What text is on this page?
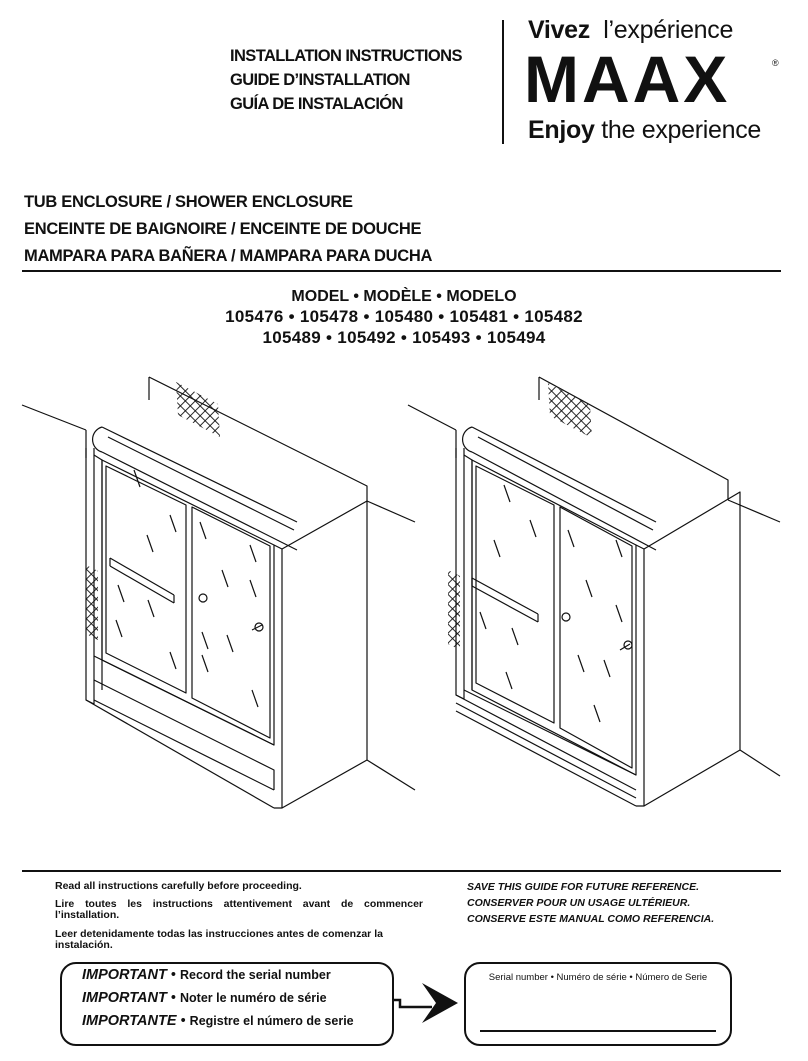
INSTALLATION INSTRUCTIONS
GUIDE D’INSTALLATION
GUÍA DE INSTALACIÓN
Vivez l’expérience
MAAX	®
Enjoy the experience
TUB ENCLOSURE / SHOWER ENCLOSURE
ENCEINTE DE BAIGNOIRE / ENCEINTE DE DOUCHE
MAMPARA PARA BAÑERA / MAMPARA PARA DUCHA
MODEL • MODÈLE • MODELO
105476 • 105478 • 105480 • 105481 • 105482
105489 • 105492 • 105493 • 105494
Read all instructions carefully before proceeding.
Lire toutes les instructions attentivement avant de commencer l’installation.
Leer detenidamente todas las instrucciones antes de comenzar la instalación.
SAVE THIS GUIDE FOR FUTURE REFERENCE.
CONSERVER POUR UN USAGE ULTÉRIEUR.
CONSERVE ESTE MANUAL COMO REFERENCIA.
IMPORTANT • Record the serial number
IMPORTANT • Noter le numéro de série
IMPORTANTE • Registre el número de serie
Serial number • Numéro de série • Número de Serie
